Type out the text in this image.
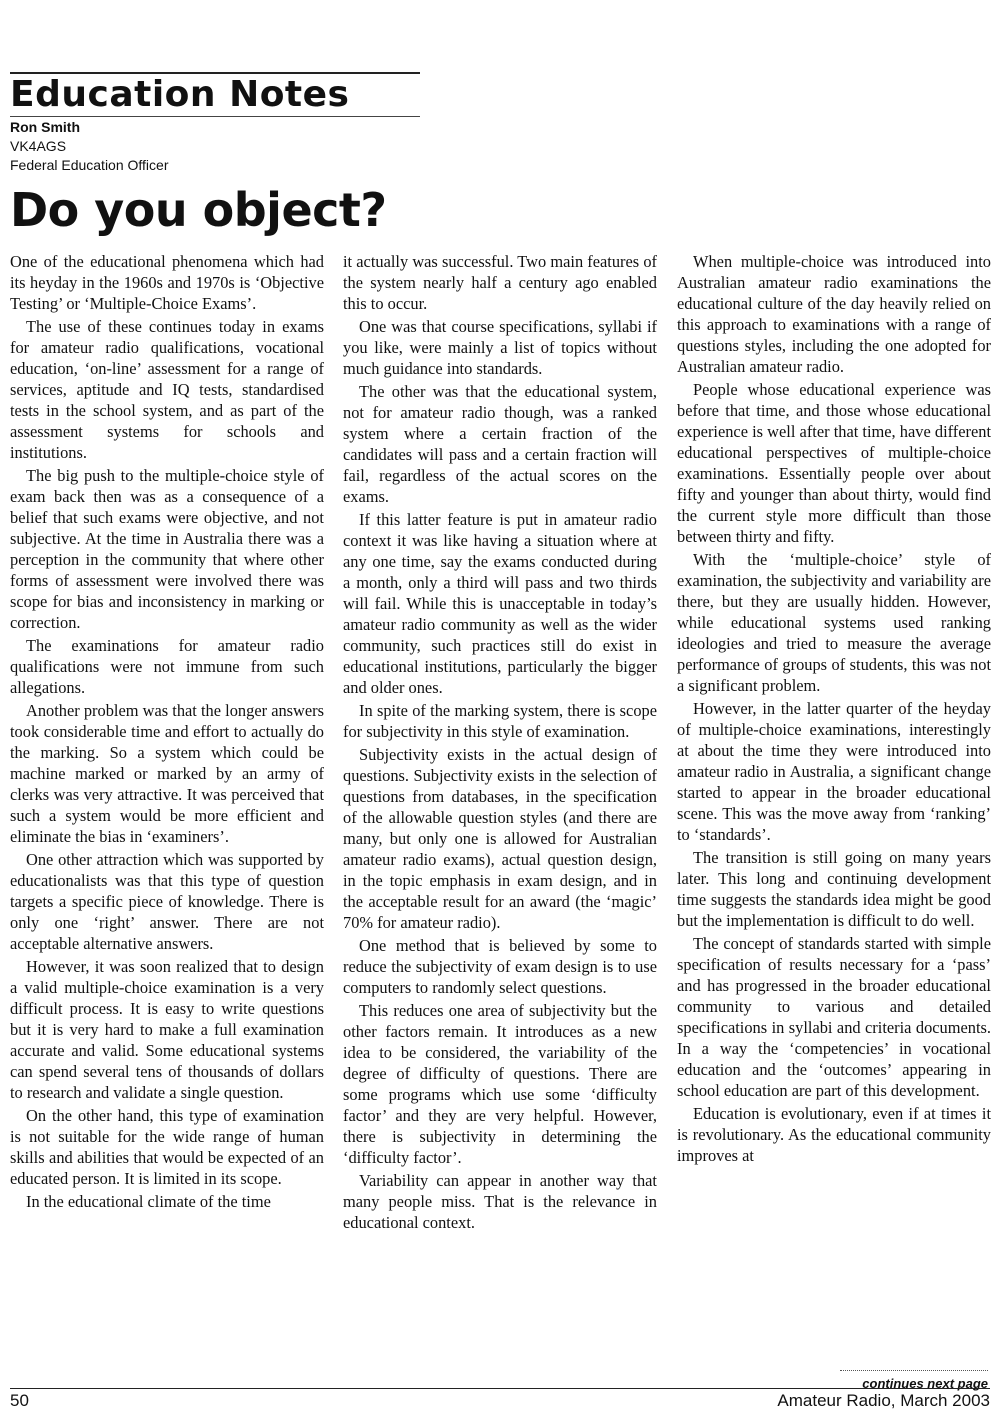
Education Notes
Ron Smith
VK4AGS
Federal Education Officer
Do you object?

One of the educational phenomena which had its heyday in the 1960s and 1970s is ‘Objective Testing’ or ‘Multiple-Choice Exams’.

The use of these continues today in exams for amateur radio qualifications, vocational education, ‘on-line’ assessment for a range of services, aptitude and IQ tests, standardised tests in the school system, and as part of the assessment systems for schools and institutions.

The big push to the multiple-choice style of exam back then was as a consequence of a belief that such exams were objective, and not subjective. At the time in Australia there was a perception in the community that where other forms of assessment were involved there was scope for bias and inconsistency in marking or correction.

The examinations for amateur radio qualifications were not immune from such allegations.

Another problem was that the longer answers took considerable time and effort to actually do the marking. So a system which could be machine marked or marked by an army of clerks was very attractive. It was perceived that such a system would be more efficient and eliminate the bias in ‘examiners’.

One other attraction which was supported by educationalists was that this type of question targets a specific piece of knowledge. There is only one ‘right’ answer. There are not acceptable alternative answers.

However, it was soon realized that to design a valid multiple-choice examination is a very difficult process. It is easy to write questions but it is very hard to make a full examination accurate and valid. Some educational systems can spend several tens of thousands of dollars to research and validate a single question.

On the other hand, this type of examination is not suitable for the wide range of human skills and abilities that would be expected of an educated person. It is limited in its scope.

In the educational climate of the time

it actually was successful. Two main features of the system nearly half a century ago enabled this to occur.

One was that course specifications, syllabi if you like, were mainly a list of topics without much guidance into standards.

The other was that the educational system, not for amateur radio though, was a ranked system where a certain fraction of the candidates will pass and a certain fraction will fail, regardless of the actual scores on the exams.

If this latter feature is put in amateur radio context it was like having a situation where at any one time, say the exams conducted during a month, only a third will pass and two thirds will fail. While this is unacceptable in today’s amateur radio community as well as the wider community, such practices still do exist in educational institutions, particularly the bigger and older ones.

In spite of the marking system, there is scope for subjectivity in this style of examination.

Subjectivity exists in the actual design of questions. Subjectivity exists in the selection of questions from databases, in the specification of the allowable question styles (and there are many, but only one is allowed for Australian amateur radio exams), actual question design, in the topic emphasis in exam design, and in the acceptable result for an award (the ‘magic’ 70% for amateur radio).

One method that is believed by some to reduce the subjectivity of exam design is to use computers to randomly select questions.

This reduces one area of subjectivity but the other factors remain. It introduces as a new idea to be considered, the variability of the degree of difficulty of questions. There are some programs which use some ‘difficulty factor’ and they are very helpful. However, there is subjectivity in determining the ‘difficulty factor’.

Variability can appear in another way that many people miss. That is the relevance in educational context.

When multiple-choice was introduced into Australian amateur radio examinations the educational culture of the day heavily relied on this approach to examinations with a range of questions styles, including the one adopted for Australian amateur radio.

People whose educational experience was before that time, and those whose educational experience is well after that time, have different educational perspectives of multiple-choice examinations. Essentially people over about fifty and younger than about thirty, would find the current style more difficult than those between thirty and fifty.

With the ‘multiple-choice’ style of examination, the subjectivity and variability are there, but they are usually hidden. However, while educational systems used ranking ideologies and tried to measure the average performance of groups of students, this was not a significant problem.

However, in the latter quarter of the heyday of multiple-choice examinations, interestingly at about the time they were introduced into amateur radio in Australia, a significant change started to appear in the broader educational scene. This was the move away from ‘ranking’ to ‘standards’.

The transition is still going on many years later. This long and continuing development time suggests the standards idea might be good but the implementation is difficult to do well.

The concept of standards started with simple specification of results necessary for a ‘pass’ and has progressed in the broader educational community to various and detailed specifications in syllabi and criteria documents. In a way the ‘competencies’ in vocational education and the ‘outcomes’ appearing in school education are part of this development.

Education is evolutionary, even if at times it is revolutionary. As the educational community improves at

continues next page
50	Amateur Radio, March 2003
